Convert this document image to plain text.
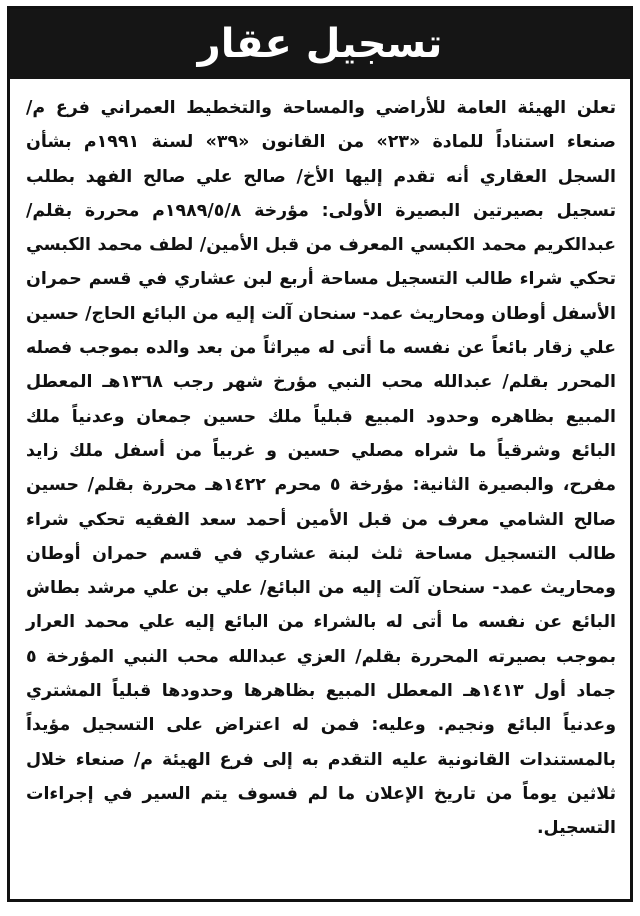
تسجيل عقار

تعلن الهيئة العامة للأراضي والمساحة والتخطيط العمراني فرع م/ صنعاء استناداً للمادة «٢٣» من القانون «٣٩» لسنة ١٩٩١م بشأن السجل العقاري أنه تقدم إليها الأخ/ صالح علي صالح الفهد بطلب تسجيل بصيرتين البصيرة الأولى: مؤرخة ١٩٨٩/٥/٨م محررة بقلم/ عبدالكريم محمد الكبسي المعرف من قبل الأمين/ لطف محمد الكبسي تحكي شراء طالب التسجيل مساحة أربع لبن عشاري في قسم حمران الأسفل أوطان ومحاريث عمد- سنحان آلت إليه من البائع الحاج/ حسين علي زقار بائعاً عن نفسه ما أتى له ميراثاً من بعد والده بموجب فصله المحرر بقلم/ عبدالله محب النبي مؤرخ شهر رجب ١٣٦٨هـ المعطل المبيع بظاهره وحدود المبيع قبلياً ملك حسين جمعان وعدنياً ملك البائع وشرقياً ما شراه مصلي حسين و غربياً من أسفل ملك زايد مفرح، والبصيرة الثانية: مؤرخة ٥ محرم ١٤٢٢هـ محررة بقلم/ حسين صالح الشامي معرف من قبل الأمين أحمد سعد الفقيه تحكي شراء طالب التسجيل مساحة ثلث لبنة عشاري في قسم حمران أوطان ومحاريث عمد- سنحان آلت إليه من البائع/ علي بن علي مرشد بطاش البائع عن نفسه ما أتى له بالشراء من البائع إليه علي محمد العرار بموجب بصيرته المحررة بقلم/ العزي عبدالله محب النبي المؤرخة ٥ جماد أول ١٤١٣هـ المعطل المبيع بظاهرها وحدودها قبلياً المشتري وعدنياً البائع ونجيم. وعليه: فمن له اعتراض على التسجيل مؤيداً بالمستندات القانونية عليه التقدم به إلى فرع الهيئة م/ صنعاء خلال ثلاثين يوماً من تاريخ الإعلان ما لم فسوف يتم السير في إجراءات التسجيل.
